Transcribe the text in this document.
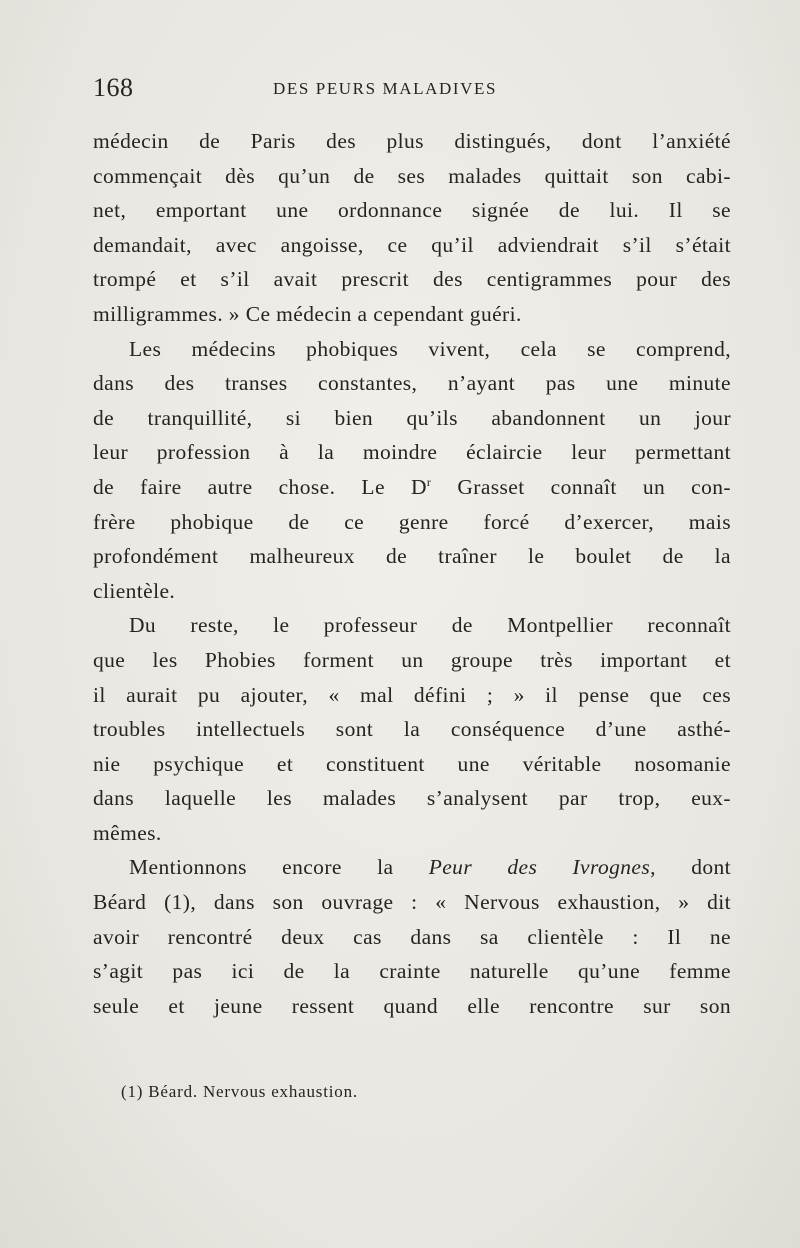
168	DES PEURS MALADIVES
médecin de Paris des plus distingués, dont l’anxiété
commençait dès qu’un de ses malades quittait son cabi-
net, emportant une ordonnance signée de lui. Il se
demandait, avec angoisse, ce qu’il adviendrait s’il s’était
trompé et s’il avait prescrit des centigrammes pour des
milligrammes. » Ce médecin a cependant guéri.
Les médecins phobiques vivent, cela se comprend,
dans des transes constantes, n’ayant pas une minute
de tranquillité, si bien qu’ils abandonnent un jour
leur profession à la moindre éclaircie leur permettant
de faire autre chose. Le $D^r$ Grasset connaît un con-
frère phobique de ce genre forcé d’exercer, mais
profondément malheureux de traîner le boulet de la
clientèle.
Du reste, le professeur de Montpellier reconnaît
que les Phobies forment un groupe très important et
il aurait pu ajouter, « mal défini ; » il pense que ces
troubles intellectuels sont la conséquence d’une asthé-
nie psychique et constituent une véritable nosomanie
dans laquelle les malades s’analysent par trop, eux-
mêmes.
Mentionnons encore la Peur des Ivrognes, dont
Béard (1), dans son ouvrage : « Nervous exhaustion, » dit
avoir rencontré deux cas dans sa clientèle : Il ne
s’agit pas ici de la crainte naturelle qu’une femme
seule et jeune ressent quand elle rencontre sur son
(1) Béard. Nervous exhaustion.
